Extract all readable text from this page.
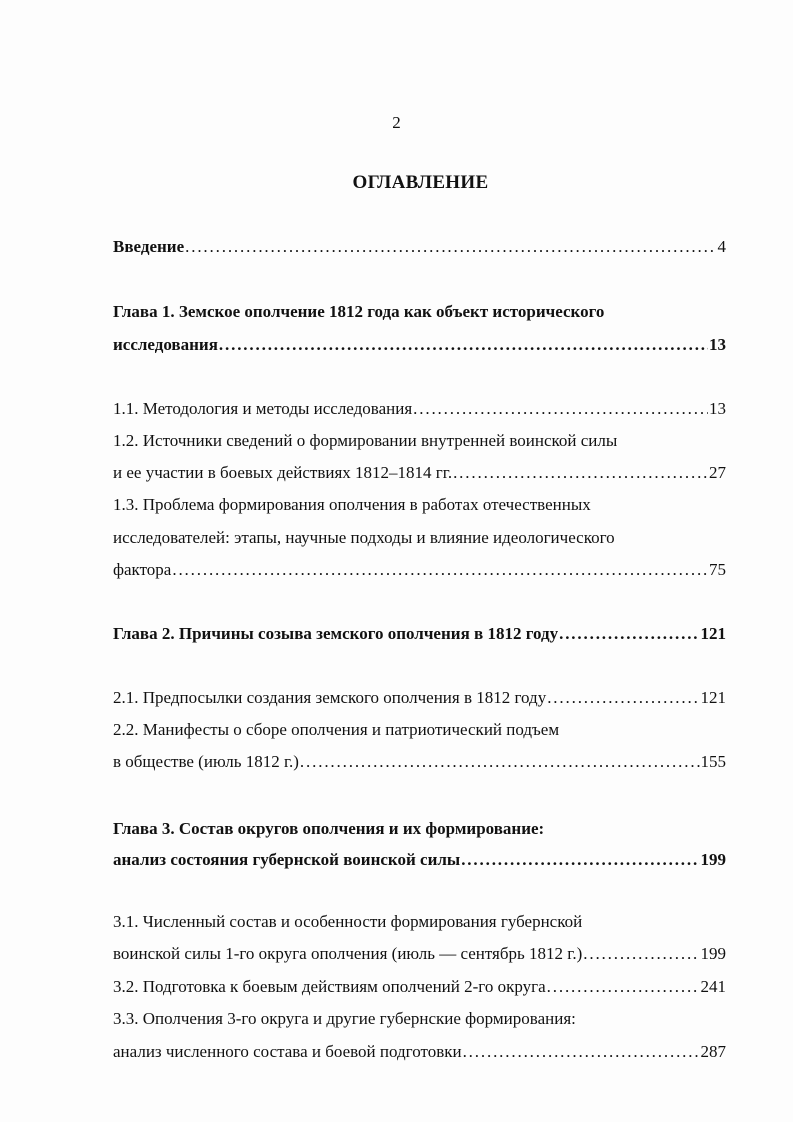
2
ОГЛАВЛЕНИЕ
Введение . . .	4
Глава 1. Земское ополчение 1812 года как объект исторического
исследования . . .	13
1.1. Методология и методы исследования . . .	13
1.2. Источники сведений о формировании внутренней воинской силы
и ее участии в боевых действиях 1812–1814 гг. . . .	27
1.3. Проблема формирования ополчения в работах отечественных
исследователей: этапы, научные подходы и влияние идеологического
фактора . . .	75
Глава 2. Причины созыва земского ополчения в 1812 году . . .	121
2.1. Предпосылки создания земского ополчения в 1812 году . . .	121
2.2. Манифесты о сборе ополчения и патриотический подъем
в обществе (июль 1812 г.) . . .	155
Глава 3. Состав округов ополчения и их формирование:
анализ состояния губернской воинской силы . . .	199
3.1. Численный состав и особенности формирования губернской
воинской силы 1-го округа ополчения (июль — сентябрь 1812 г.) . . .	199
3.2. Подготовка к боевым действиям ополчений 2-го округа . . .	241
3.3. Ополчения 3-го округа и другие губернские формирования:
анализ численного состава и боевой подготовки . . .	287
